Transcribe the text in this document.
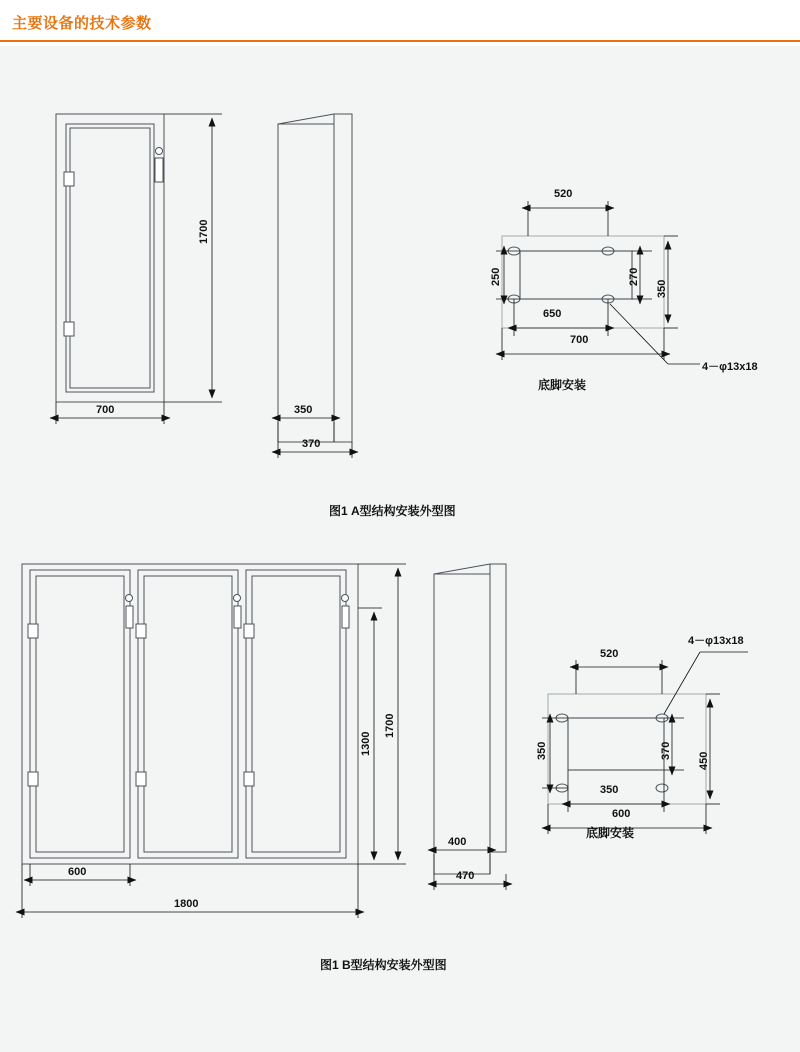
主要设备的技术参数
1700
700	350
370
520
250	270
350
650
700
4－φ13x18
底脚安装
图1 A型结构安装外型图
1700
1300
600
1800
400
470
520
350	370
450
350
600
4－φ13x18
底脚安装
图1 B型结构安装外型图
